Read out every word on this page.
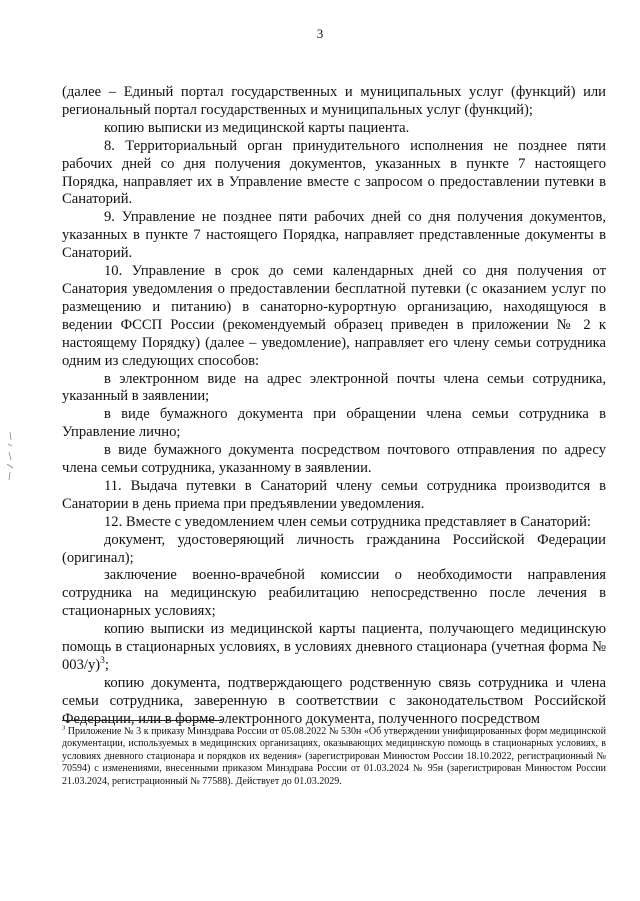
3

(далее – Единый портал государственных и муниципальных услуг (функций) или региональный портал государственных и муниципальных услуг (функций);

копию выписки из медицинской карты пациента.

8. Территориальный орган принудительного исполнения не позднее пяти рабочих дней со дня получения документов, указанных в пункте 7 настоящего Порядка, направляет их в Управление вместе с запросом о предоставлении путевки в Санаторий.

9. Управление не позднее пяти рабочих дней со дня получения документов, указанных в пункте 7 настоящего Порядка, направляет представленные документы в Санаторий.

10. Управление в срок до семи календарных дней со дня получения от Санатория уведомления о предоставлении бесплатной путевки (с оказанием услуг по размещению и питанию) в санаторно-курортную организацию, находящуюся в ведении ФССП России (рекомендуемый образец приведен в приложении № 2 к настоящему Порядку) (далее – уведомление), направляет его члену семьи сотрудника одним из следующих способов:

в электронном виде на адрес электронной почты члена семьи сотрудника, указанный в заявлении;

в виде бумажного документа при обращении члена семьи сотрудника в Управление лично;

в виде бумажного документа посредством почтового отправления по адресу члена семьи сотрудника, указанному в заявлении.

11. Выдача путевки в Санаторий члену семьи сотрудника производится в Санатории в день приема при предъявлении уведомления.

12. Вместе с уведомлением член семьи сотрудника представляет в Санаторий:

документ, удостоверяющий личность гражданина Российской Федерации (оригинал);

заключение военно-врачебной комиссии о необходимости направления сотрудника на медицинскую реабилитацию непосредственно после лечения в стационарных условиях;

копию выписки из медицинской карты пациента, получающего медицинскую помощь в стационарных условиях, в условиях дневного стационара (учетная форма № 003/у)$^3$;

копию документа, подтверждающего родственную связь сотрудника и члена семьи сотрудника, заверенную в соответствии с законодательством Российской Федерации, или в форме электронного документа, полученного посредством

$^3$ Приложение № 3 к приказу Минздрава России от 05.08.2022 № 530н «Об утверждении унифицированных форм медицинской документации, используемых в медицинских организациях, оказывающих медицинскую помощь в стационарных условиях, в условиях дневного стационара и порядков их ведения» (зарегистрирован Минюстом России 18.10.2022, регистрационный № 70594) с изменениями, внесенными приказом Минздрава России от 01.03.2024 № 95н (зарегистрирован Минюстом России 21.03.2024, регистрационный № 77588). Действует до 01.03.2029.
